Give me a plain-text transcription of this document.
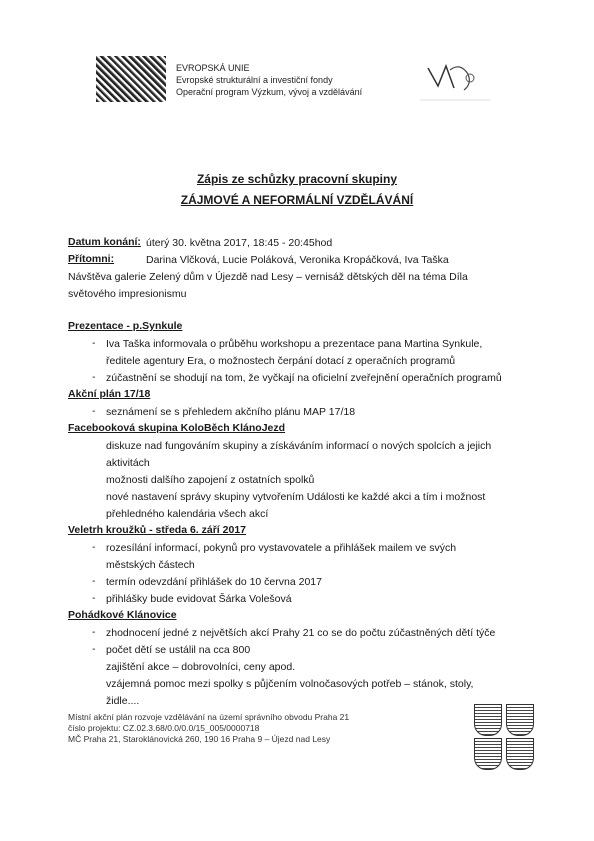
EVROPSKÁ UNIE
Evropské strukturální a investiční fondy
Operační program Výzkum, vývoj a vzdělávání
Zápis ze schůzky pracovní skupiny
ZÁJMOVÉ A NEFORMÁLNÍ VZDĚLÁVÁNÍ
Datum konání: úterý 30. května 2017, 18:45 - 20:45hod
Přítomni:	Darina Vlčková, Lucie Poláková, Veronika Kropáčková, Iva Taška
Návštěva galerie Zelený dům v Újezdě nad Lesy – vernisáž dětských děl na téma Díla
světového impresionismu
Prezentace - p.Synkule
- Iva Taška informovala o průběhu workshopu a prezentace pana Martina Synkule,
ředitele agentury Era, o možnostech čerpání dotací z operačních programů
- zúčastnění se shodují na tom, že vyčkají na oficielní zveřejnění operačních programů
Akční plán 17/18
- seznámení se s přehledem akčního plánu MAP 17/18
Facebooková skupina KoloBěch KlánoJezd
diskuze nad fungováním skupiny a získáváním informací o nových spolcích a jejich
aktivitách
možnosti dalšího zapojení z ostatních spolků
nové nastavení správy skupiny vytvořením Události ke každé akci a tím i možnost
přehledného kalendária všech akcí
Veletrh kroužků - středa 6. září 2017
- rozesílání informací, pokynů pro vystavovatele a přihlášek mailem ve svých
městských částech
- termín odevzdání přihlášek do 10 června 2017
- přihlášky bude evidovat Šárka Volešová
Pohádkové Klánovice
- zhodnocení jedné z největších akcí Prahy 21 co se do počtu zúčastněných dětí týče
- počet dětí se ustálil na cca 800
zajištění akce – dobrovolníci, ceny apod.
vzájemná pomoc mezi spolky s půjčením volnočasových potřeb – stánok, stoly,
židle....
Místní akční plán rozvoje vzdělávání na území správního obvodu Praha 21
číslo projektu: CZ.02.3.68/0.0/0.0/15_005/0000718
MČ Praha 21, Staroklánovická 260, 190 16 Praha 9 – Újezd nad Lesy
